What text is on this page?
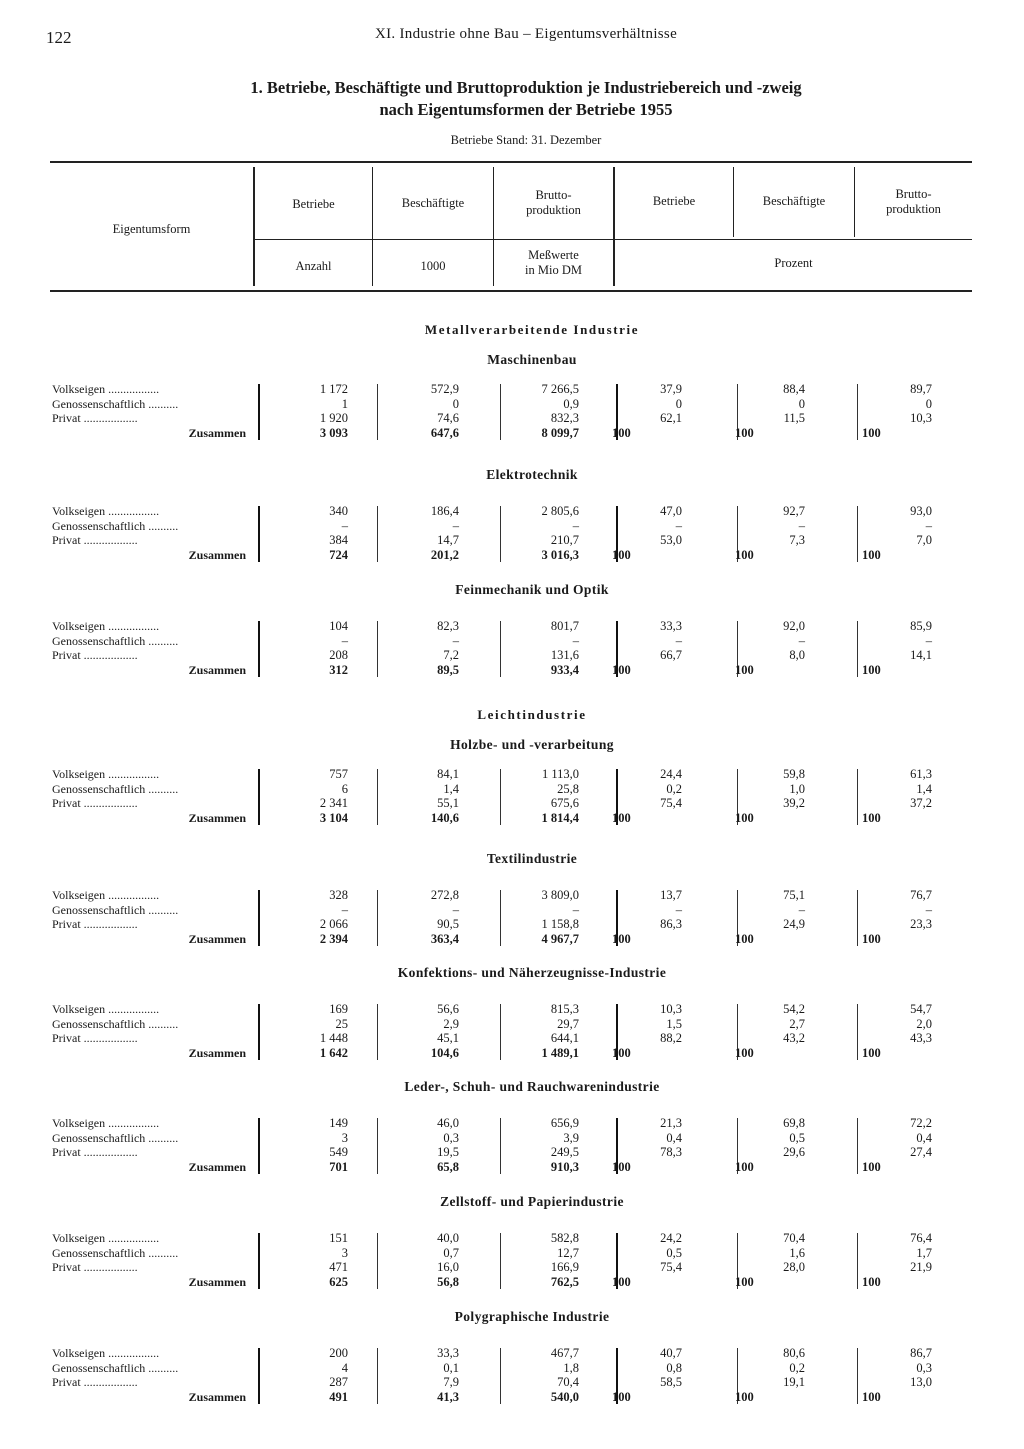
122	XI. Industrie ohne Bau – Eigentumsverhältnisse
1. Betriebe, Beschäftigte und Bruttoproduktion je Industriebereich und -zweig
nach Eigentumsformen der Betriebe 1955
Betriebe Stand: 31. Dezember
Eigentumsform
Betriebe	Beschäftigte
Brutto-
produktion
Betriebe	Beschäftigte	Brutto-
produktion
Anzahl	1000
Meßwerte
in Mio DM	Prozent
Metallverarbeitende Industrie
Maschinenbau
Volkseigen .................	1 172	572,9	7 266,5	37,9	88,4	89,7
Genossenschaftlich ..........	1	0	0,9	0	0	0
Privat ..................	1 920	74,6	832,3	62,1	11,5	10,3
Zusammen	3 093	647,6	8 099,7	100	100	100
Elektrotechnik
Volkseigen .................	340	186,4	2 805,6	47,0	92,7	93,0
Genossenschaftlich ..........	–	–	–	–	–	–
Privat ..................	384	14,7	210,7	53,0	7,3	7,0
Zusammen	724	201,2	3 016,3	100	100	100
Feinmechanik und Optik
Volkseigen .................	104	82,3	801,7	33,3	92,0	85,9
Genossenschaftlich ..........	–	–	–	–	–	–
Privat ..................	208	7,2	131,6	66,7	8,0	14,1
Zusammen	312	89,5	933,4	100	100	100
Leichtindustrie
Holzbe- und -verarbeitung
Volkseigen .................	757	84,1	1 113,0	24,4	59,8	61,3
Genossenschaftlich ..........	6	1,4	25,8	0,2	1,0	1,4
Privat ..................	2 341	55,1	675,6	75,4	39,2	37,2
Zusammen	3 104	140,6	1 814,4	100	100	100
Textilindustrie
Volkseigen .................	328	272,8	3 809,0	13,7	75,1	76,7
Genossenschaftlich ..........	–	–	–	–	–	–
Privat ..................	2 066	90,5	1 158,8	86,3	24,9	23,3
Zusammen	2 394	363,4	4 967,7	100	100	100
Konfektions- und Näherzeugnisse-Industrie
Volkseigen .................	169	56,6	815,3	10,3	54,2	54,7
Genossenschaftlich ..........	25	2,9	29,7	1,5	2,7	2,0
Privat ..................	1 448	45,1	644,1	88,2	43,2	43,3
Zusammen	1 642	104,6	1 489,1	100	100	100
Leder-, Schuh- und Rauchwarenindustrie
Volkseigen .................	149	46,0	656,9	21,3	69,8	72,2
Genossenschaftlich ..........	3	0,3	3,9	0,4	0,5	0,4
Privat ..................	549	19,5	249,5	78,3	29,6	27,4
Zusammen	701	65,8	910,3	100	100	100
Zellstoff- und Papierindustrie
Volkseigen .................	151	40,0	582,8	24,2	70,4	76,4
Genossenschaftlich ..........	3	0,7	12,7	0,5	1,6	1,7
Privat ..................	471	16,0	166,9	75,4	28,0	21,9
Zusammen	625	56,8	762,5	100	100	100
Polygraphische Industrie
Volkseigen .................	200	33,3	467,7	40,7	80,6	86,7
Genossenschaftlich ..........	4	0,1	1,8	0,8	0,2	0,3
Privat ..................	287	7,9	70,4	58,5	19,1	13,0
Zusammen	491	41,3	540,0	100	100	100
